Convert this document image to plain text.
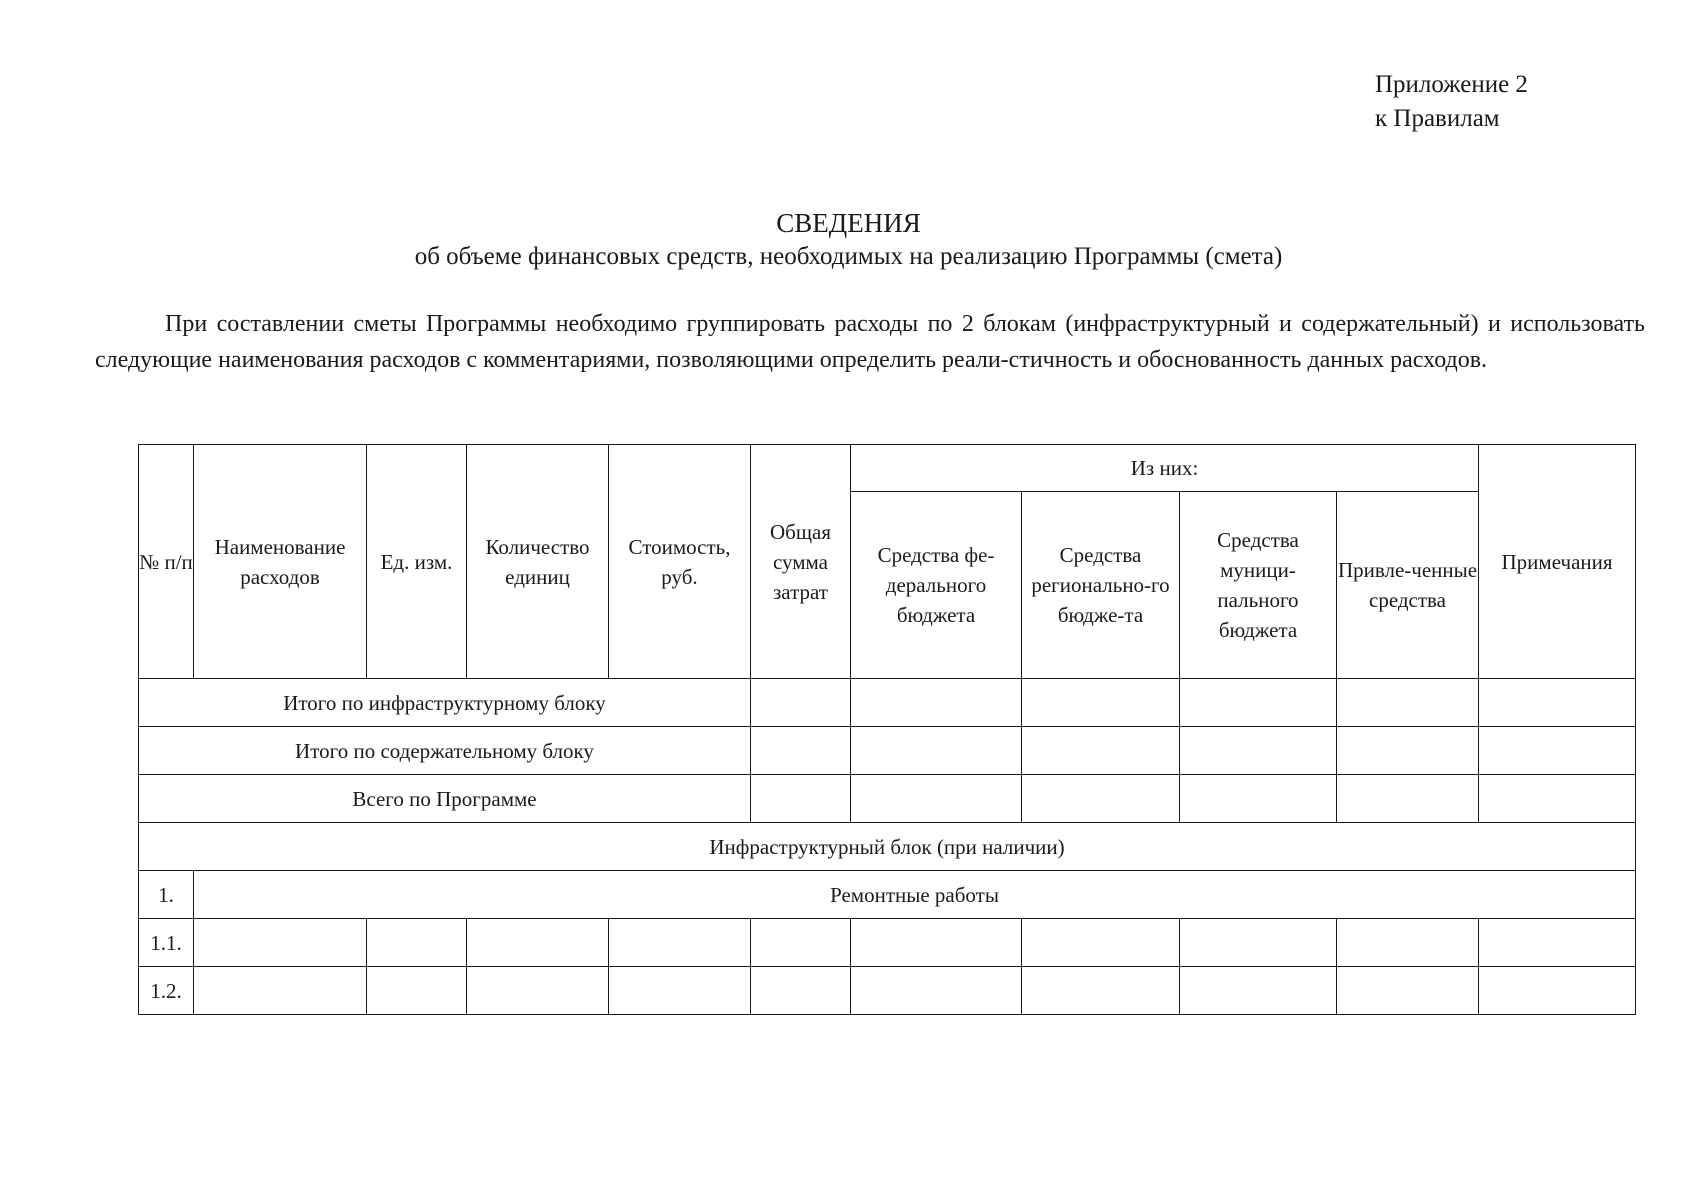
Приложение 2
к Правилам
СВЕДЕНИЯ
об объеме финансовых средств, необходимых на реализацию Программы (смета)
При составлении сметы Программы необходимо группировать расходы по 2 блокам (инфраструктурный и содержательный) и использовать следующие наименования расходов с комментариями, позволяющими определить реали-стичность и обоснованность данных расходов.
№ п/п	Наименование расходов	Ед. изм.	Количество единиц	Стоимость, руб.	Общая сумма затрат	Из них:				Примечания
						Средства фе-дерального бюджета	Средства регионально-го бюдже-та	Средства муници-пального бюджета	Привле-ченные средства	
Итого по инфраструктурному блоку										
Итого по содержательному блоку										
Всего по Программе										
Инфраструктурный блок (при наличии)										
1.	Ремонтные работы									
1.1.										
1.2.										
